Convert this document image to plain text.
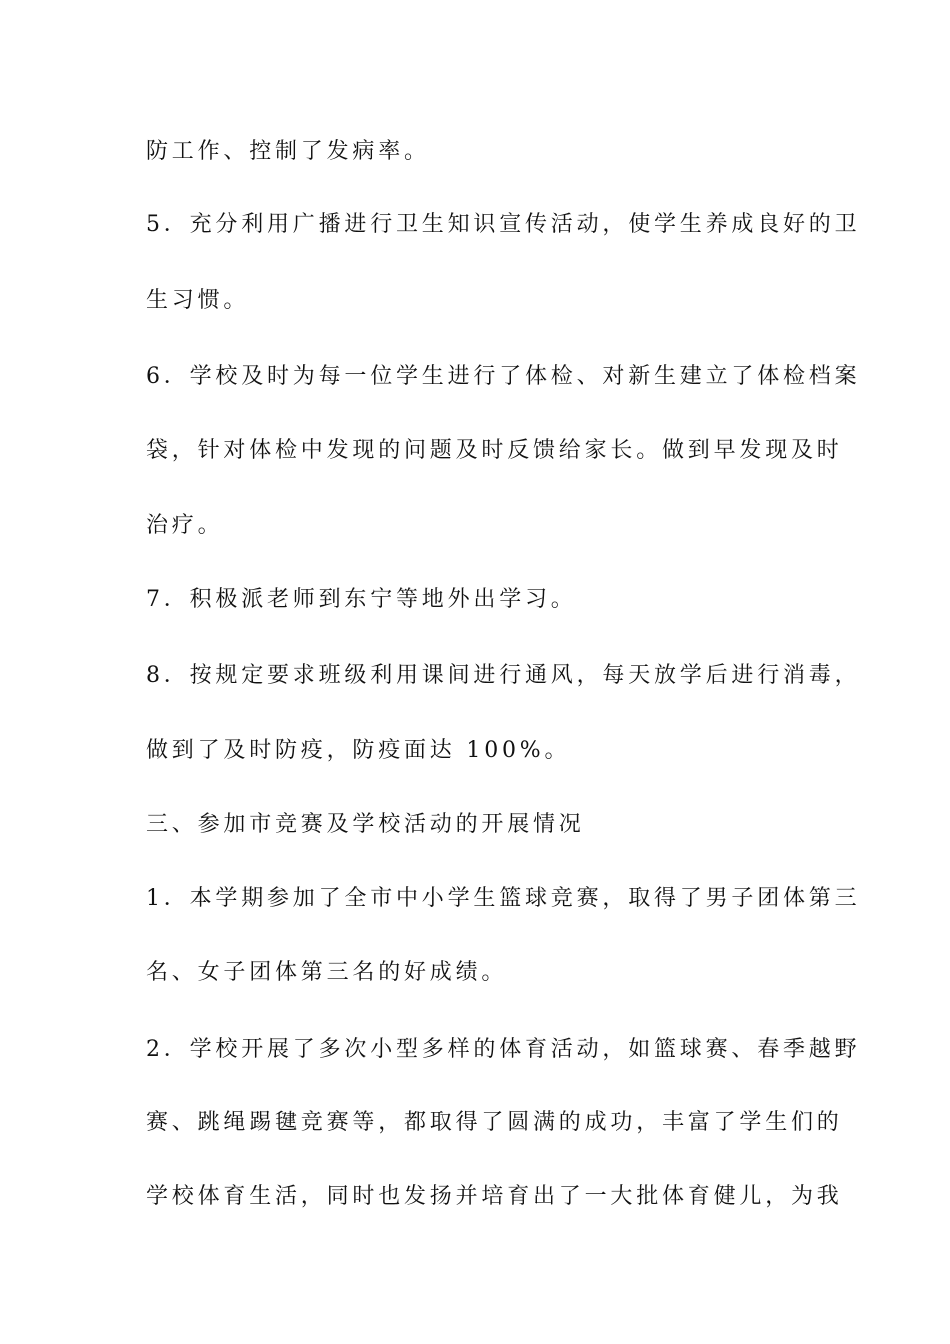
防工作、控制了发病率。
5．充分利用广播进行卫生知识宣传活动，使学生养成良好的卫
生习惯。
6．学校及时为每一位学生进行了体检、对新生建立了体检档案
袋，针对体检中发现的问题及时反馈给家长。做到早发现及时
治疗。
7．积极派老师到东宁等地外出学习。
8．按规定要求班级利用课间进行通风，每天放学后进行消毒，
做到了及时防疫，防疫面达 100%。
三、参加市竞赛及学校活动的开展情况
1．本学期参加了全市中小学生篮球竞赛，取得了男子团体第三
名、女子团体第三名的好成绩。
2．学校开展了多次小型多样的体育活动，如篮球赛、春季越野
赛、跳绳踢毽竞赛等，都取得了圆满的成功，丰富了学生们的
学校体育生活，同时也发扬并培育出了一大批体育健儿，为我
